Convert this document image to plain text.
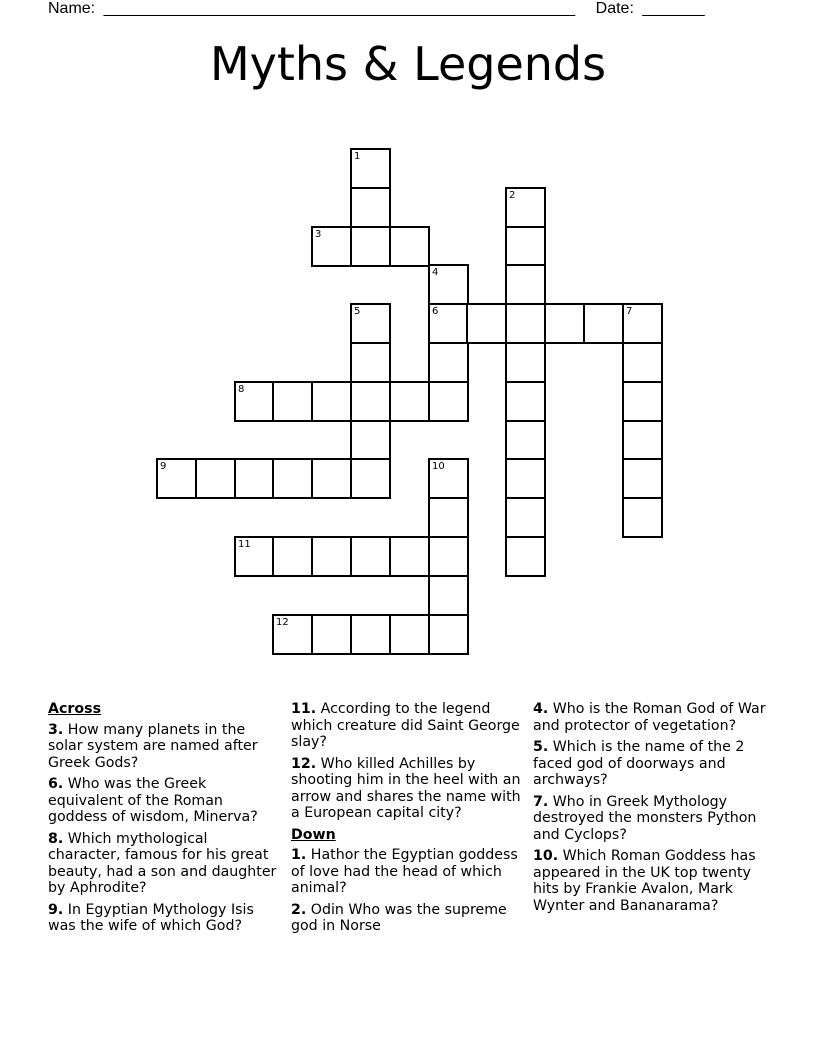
Name: _____________________________________________________ Date: _______
Myths & Legends
1
2
3
4
6
5	7
8
9	10
11
12
Across
3. How many planets in the solar system are named after Greek Gods?
6. Who was the Greek equivalent of the Roman goddess of wisdom, Minerva?
8. Which mythological character, famous for his great beauty, had a son and daughter by Aphrodite?
9. In Egyptian Mythology Isis was the wife of which God?
11. According to the legend which creature did Saint George slay?
12. Who killed Achilles by shooting him in the heel with an arrow and shares the name with a European capital city?
Down
1. Hathor the Egyptian goddess of love had the head of which animal?
2. Odin Who was the supreme god in Norse
4. Who is the Roman God of War and protector of vegetation?
5. Which is the name of the 2 faced god of doorways and archways?
7. Who in Greek Mythology destroyed the monsters Python and Cyclops?
10. Which Roman Goddess has appeared in the UK top twenty hits by Frankie Avalon, Mark Wynter and Bananarama?
